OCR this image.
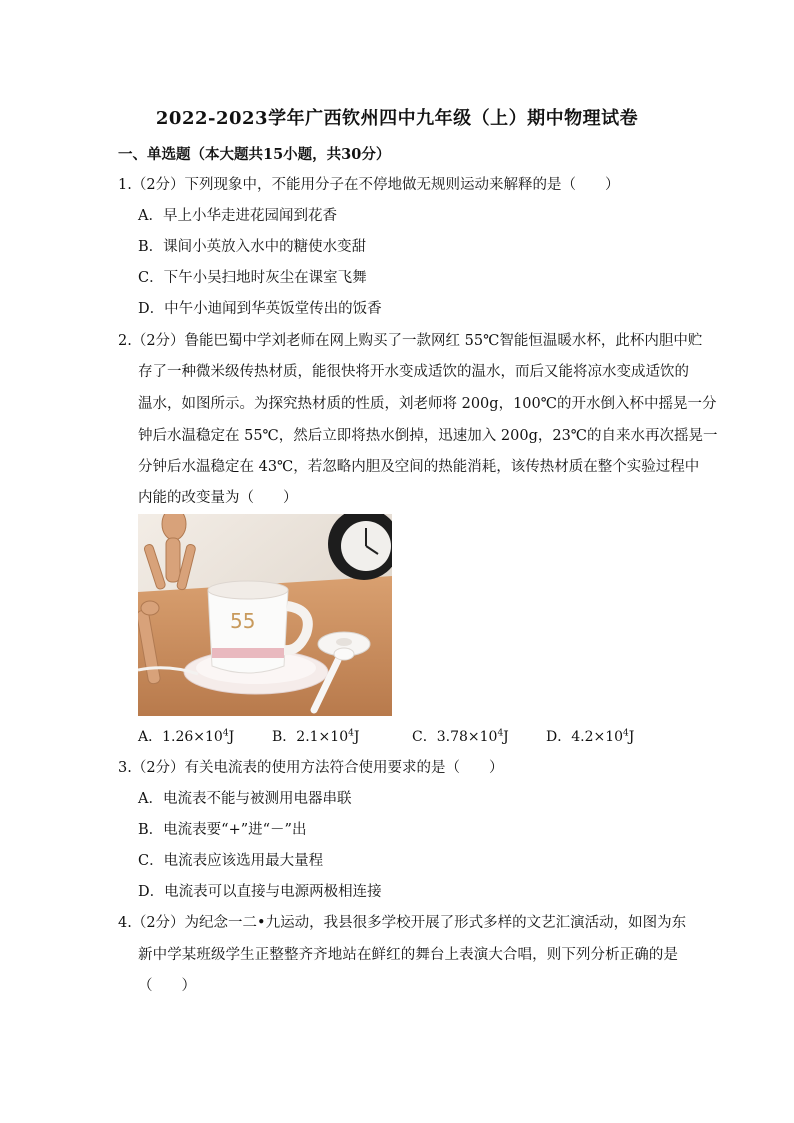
2022-2023学年广西钦州四中九年级（上）期中物理试卷
一、单选题（本大题共15小题，共30分）
1.（2分）下列现象中，不能用分子在不停地做无规则运动来解释的是（　　）
A．早上小华走进花园闻到花香
B．课间小英放入水中的糖使水变甜
C．下午小吴扫地时灰尘在课室飞舞
D．中午小迪闻到华英饭堂传出的饭香
2.（2分）鲁能巴蜀中学刘老师在网上购买了一款网红 55℃智能恒温暖水杯，此杯内胆中贮
存了一种微米级传热材质，能很快将开水变成适饮的温水，而后又能将凉水变成适饮的
温水，如图所示。为探究热材质的性质，刘老师将 200g，100℃的开水倒入杯中摇晃一分
钟后水温稳定在 55℃，然后立即将热水倒掉，迅速加入 200g，23℃的自来水再次摇晃一
分钟后水温稳定在 43℃，若忽略内胆及空间的热能消耗，该传热材质在整个实验过程中
内能的改变量为（　　）
55
A．$1.26\times 10^4J$	B．$2.1\times 10^4J$	C．$3.78\times 10^4J$	D．$4.2\times 10^4J$
3.（2分）有关电流表的使用方法符合使用要求的是（　　）
A．电流表不能与被测用电器串联
B．电流表要“+”进“－”出
C．电流表应该选用最大量程
D．电流表可以直接与电源两极相连接
4.（2分）为纪念一二•九运动，我县很多学校开展了形式多样的文艺汇演活动，如图为东
新中学某班级学生正整整齐齐地站在鲜红的舞台上表演大合唱，则下列分析正确的是
（　　）
